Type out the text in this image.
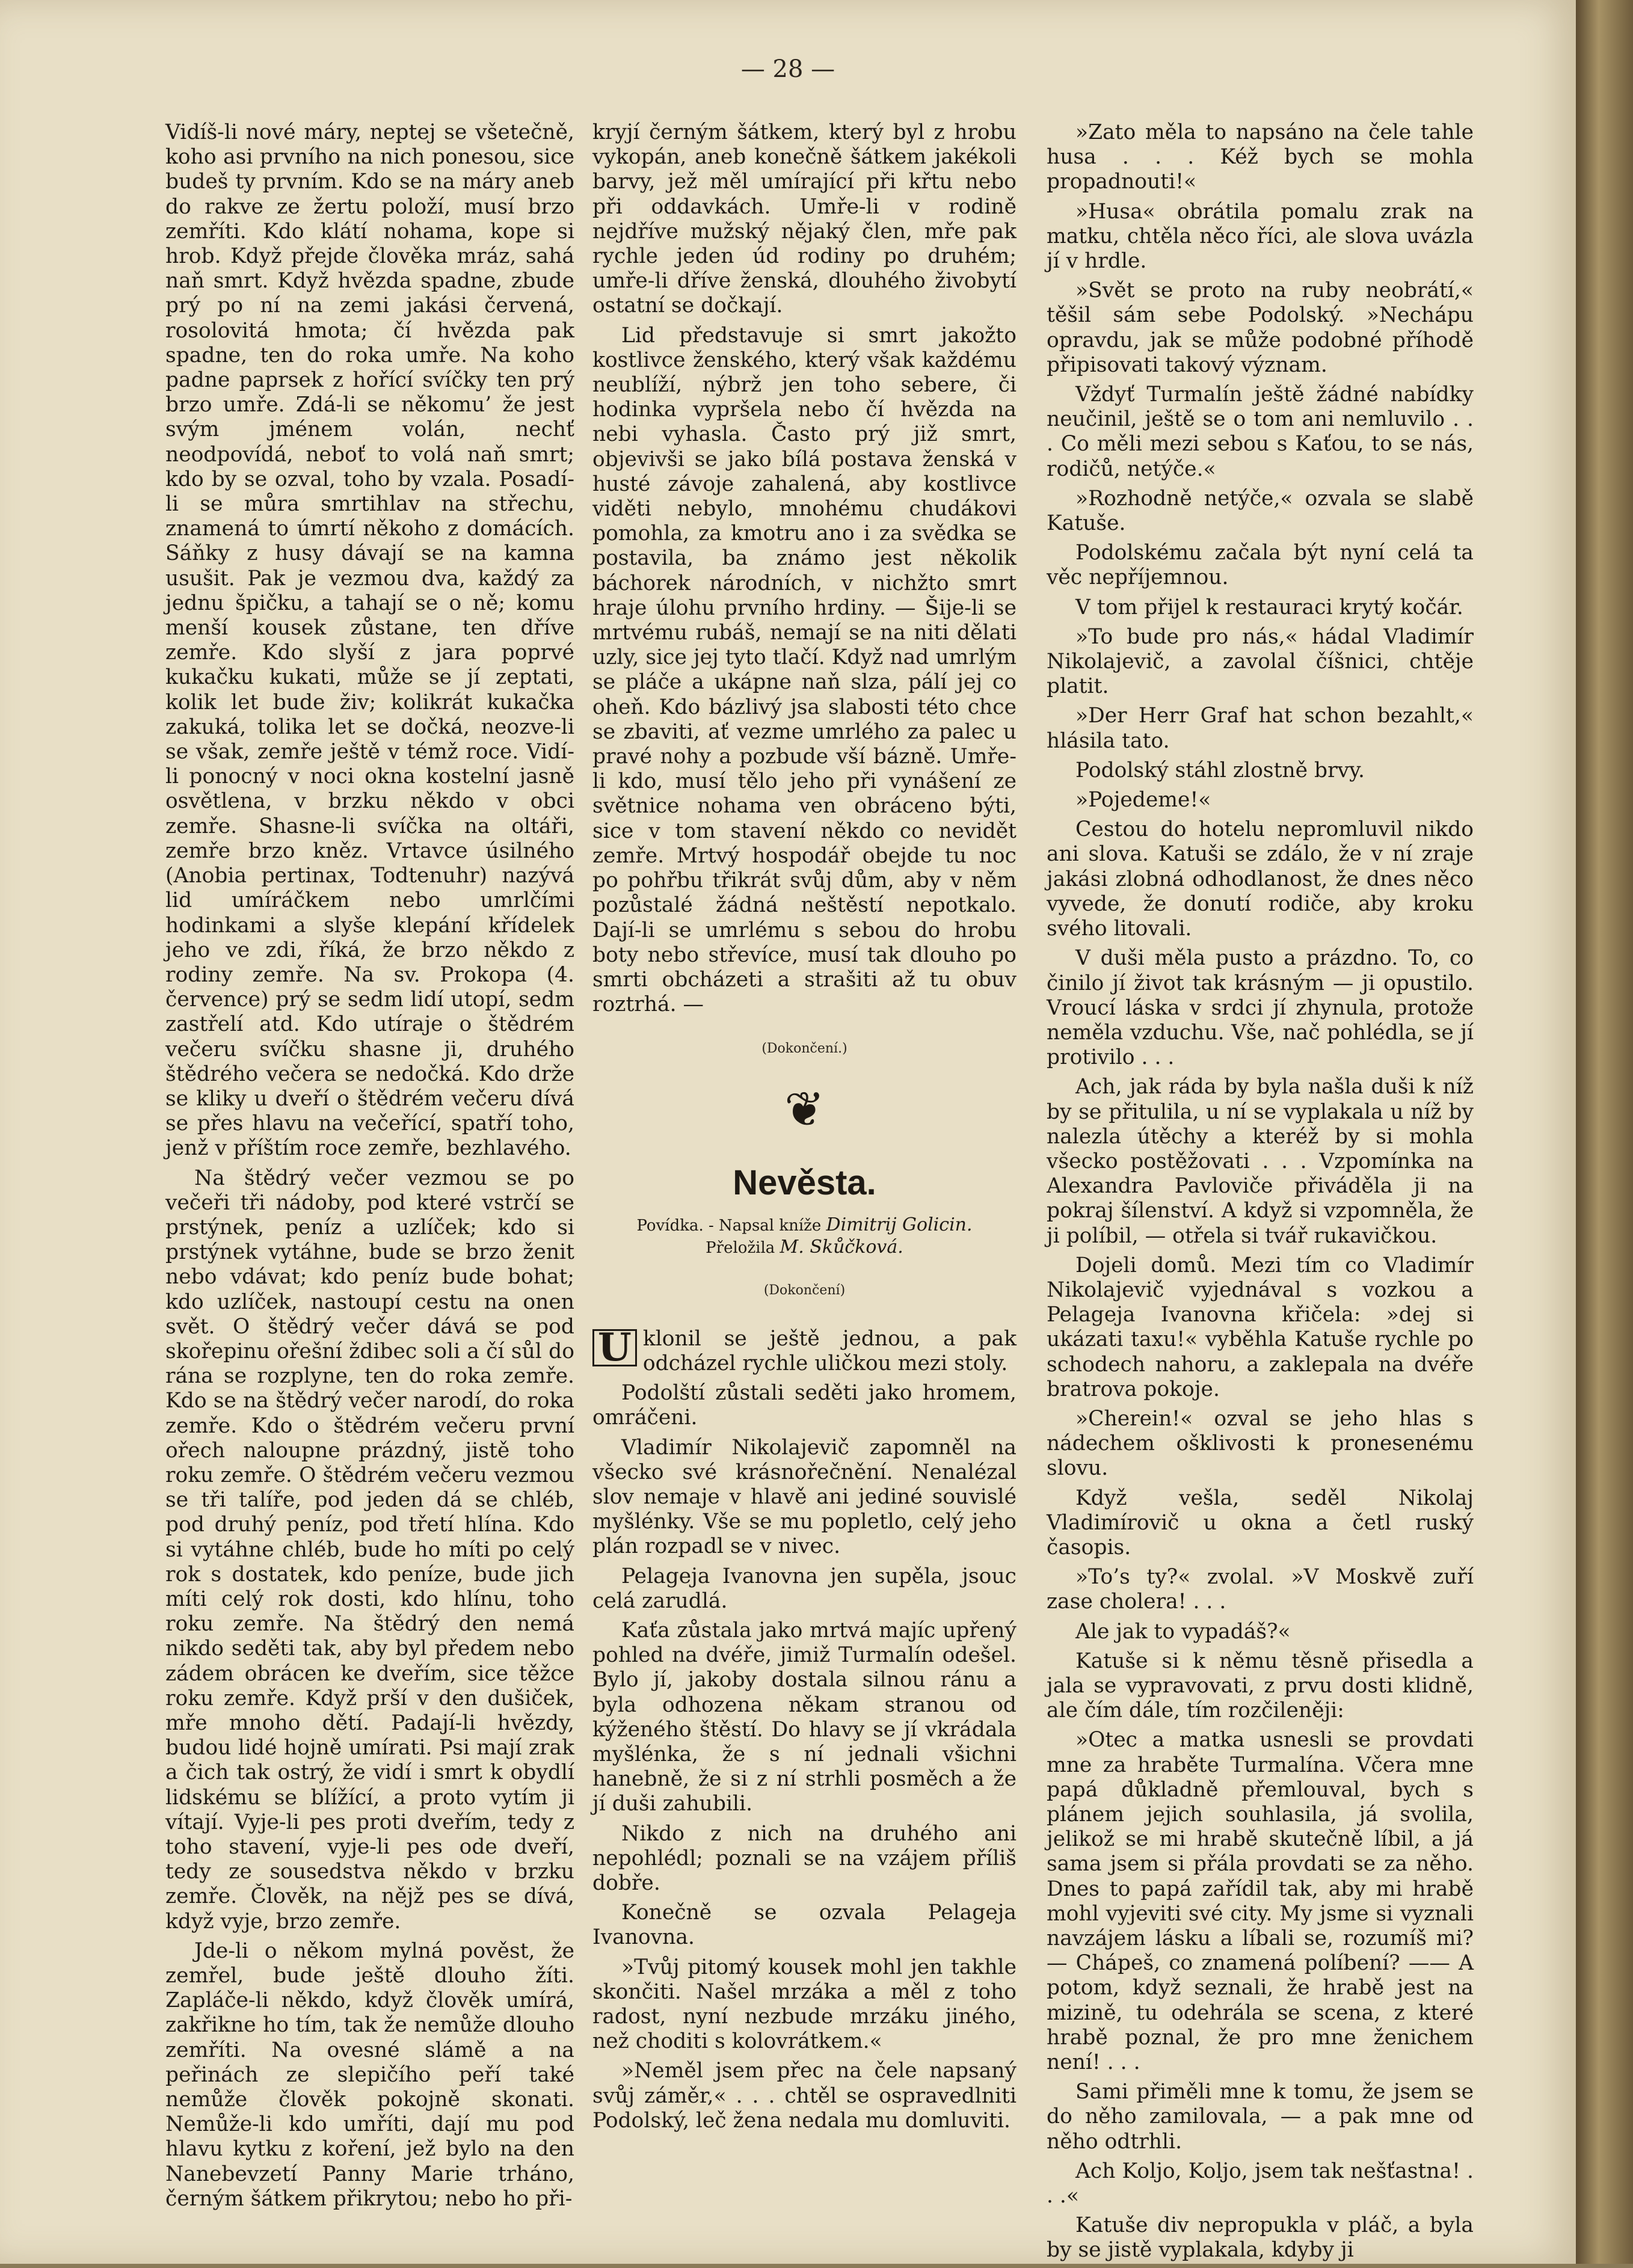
— 28 —

Vidíš-li nové máry, neptej se všetečně, koho asi prvního na nich ponesou, sice budeš ty prvním. Kdo se na máry aneb do rakve ze žertu položí, musí brzo zemříti. Kdo klátí nohama, kope si hrob. Když přejde člověka mráz, sahá naň smrt. Když hvězda spadne, zbude prý po ní na zemi jakási červená, rosolovitá hmota; čí hvězda pak spadne, ten do roka umře. Na koho padne paprsek z hořící svíčky ten prý brzo umře. Zdá-li se někomu’ že jest svým jménem volán, nechť neodpovídá, neboť to volá naň smrt; kdo by se ozval, toho by vzala. Posadí-li se můra smrtihlav na střechu, znamená to úmrtí někoho z domácích. Sáňky z husy dávají se na kamna usušit. Pak je vezmou dva, každý za jednu špičku, a tahají se o ně; komu menší kousek zůstane, ten dříve zemře. Kdo slyší z jara poprvé kukačku kukati, může se jí zeptati, kolik let bude živ; kolikrát kukačka zakuká, tolika let se dočká, neozve-li se však, zemře ještě v témž roce. Vidí-li ponocný v noci okna kostelní jasně osvětlena, v brzku někdo v obci zemře. Shasne-li svíčka na oltáři, zemře brzo kněz. Vrtavce úsilného (Anobia pertinax, Todtenuhr) nazývá lid umíráčkem nebo umrlčími hodinkami a slyše klepání křídelek jeho ve zdi, říká, že brzo někdo z rodiny zemře. Na sv. Prokopa (4. července) prý se sedm lidí utopí, sedm zastřelí atd. Kdo utíraje o štědrém večeru svíčku shasne ji, druhého štědrého večera se nedočká. Kdo drže se kliky u dveří o štědrém večeru dívá se přes hlavu na večeřící, spatří toho, jenž v příštím roce zemře, bezhlavého.

Na štědrý večer vezmou se po večeři tři nádoby, pod které vstrčí se prstýnek, peníz a uzlíček; kdo si prstýnek vytáhne, bude se brzo ženit nebo vdávat; kdo peníz bude bohat; kdo uzlíček, nastoupí cestu na onen svět. O štědrý večer dává se pod skořepinu ořešní ždibec soli a čí sůl do rána se rozplyne, ten do roka zemře. Kdo se na štědrý večer narodí, do roka zemře. Kdo o štědrém večeru první ořech naloupne prázdný, jistě toho roku zemře. O štědrém večeru vezmou se tři talíře, pod jeden dá se chléb, pod druhý peníz, pod třetí hlína. Kdo si vytáhne chléb, bude ho míti po celý rok s dostatek, kdo peníze, bude jich míti celý rok dosti, kdo hlínu, toho roku zemře. Na štědrý den nemá nikdo seděti tak, aby byl předem nebo zádem obrácen ke dveřím, sice těžce roku zemře. Když prší v den dušiček, mře mnoho dětí. Padají-li hvězdy, budou lidé hojně umírati. Psi mají zrak a čich tak ostrý, že vidí i smrt k obydlí lidskému se blížící, a proto vytím ji vítají. Vyje-li pes proti dveřím, tedy z toho stavení, vyje-li pes ode dveří, tedy ze sousedstva někdo v brzku zemře. Člověk, na nějž pes se dívá, když vyje, brzo zemře.

Jde-li o někom mylná pověst, že zemřel, bude ještě dlouho žíti. Zapláče-li někdo, když člověk umírá, zakřikne ho tím, tak že nemůže dlouho zemříti. Na ovesné slámě a na peřinách ze slepičího peří také nemůže člověk pokojně skonati. Nemůže-li kdo umříti, dají mu pod hlavu kytku z koření, jež bylo na den Nanebevzetí Panny Marie trháno, černým šátkem přikrytou; nebo ho při-

kryjí černým šátkem, který byl z hrobu vykopán, aneb konečně šátkem jakékoli barvy, jež měl umírající při křtu nebo při oddavkách. Umře-li v rodině nejdříve mužský nějaký člen, mře pak rychle jeden úd rodiny po druhém; umře-li dříve ženská, dlouhého živobytí ostatní se dočkají.

Lid představuje si smrt jakožto kostlivce ženského, který však každému neublíží, nýbrž jen toho sebere, či hodinka vypršela nebo čí hvězda na nebi vyhasla. Často prý již smrt, objevivši se jako bílá postava ženská v husté závoje zahalená, aby kostlivce viděti nebylo, mnohému chudákovi pomohla, za kmotru ano i za svědka se postavila, ba známo jest několik báchorek národních, v nichžto smrt hraje úlohu prvního hrdiny. — Šije-li se mrtvému rubáš, nemají se na niti dělati uzly, sice jej tyto tlačí. Když nad umrlým se pláče a ukápne naň slza, pálí jej co oheň. Kdo bázlivý jsa slabosti této chce se zbaviti, ať vezme umrlého za palec u pravé nohy a pozbude vší bázně. Umře-li kdo, musí tělo jeho při vynášení ze světnice nohama ven obráceno býti, sice v tom stavení někdo co nevidět zemře. Mrtvý hospodář obejde tu noc po pohřbu třikrát svůj dům, aby v něm pozůstalé žádná neštěstí nepotkalo. Dají-li se umrlému s sebou do hrobu boty nebo střevíce, musí tak dlouho po smrti obcházeti a strašiti až tu obuv roztrhá. —

(Dokončení.)
❦
Nevěsta.

Povídka. - Napsal kníže Dimitrij Golicin.
Přeložila M. Skůčková.

(Dokončení)

U klonil se ještě jednou, a pak odcházel rychle uličkou mezi stoly.

Podolští zůstali seděti jako hromem, omráčeni.

Vladimír Nikolajevič zapomněl na všecko své krásnořečnění. Nenalézal slov nemaje v hlavě ani jediné souvislé myšlénky. Vše se mu popletlo, celý jeho plán rozpadl se v nivec.

Pelageja Ivanovna jen supěla, jsouc celá zarudlá.

Kaťa zůstala jako mrtvá majíc upřený pohled na dvéře, jimiž Turmalín odešel. Bylo jí, jakoby dostala silnou ránu a byla odhozena někam stranou od kýženého štěstí. Do hlavy se jí vkrádala myšlénka, že s ní jednali všichni hanebně, že si z ní strhli posměch a že jí duši zahubili.

Nikdo z nich na druhého ani nepohlédl; poznali se na vzájem příliš dobře.

Konečně se ozvala Pelageja Ivanovna.

»Tvůj pitomý kousek mohl jen takhle skončiti. Našel mrzáka a měl z toho radost, nyní nezbude mrzáku jiného, než choditi s kolovrátkem.«

»Neměl jsem přec na čele napsaný svůj záměr,« . . . chtěl se ospravedlniti Podolský, leč žena nedala mu domluviti.

»Zato měla to napsáno na čele tahle husa . . . Kéž bych se mohla propadnouti!«

»Husa« obrátila pomalu zrak na matku, chtěla něco říci, ale slova uvázla jí v hrdle.

»Svět se proto na ruby neobrátí,« těšil sám sebe Podolský. »Nechápu opravdu, jak se může podobné příhodě připisovati takový význam.

Vždyť Turmalín ještě žádné nabídky neučinil, ještě se o tom ani nemluvilo . . . Co měli mezi sebou s Kaťou, to se nás, rodičů, netýče.«

»Rozhodně netýče,« ozvala se slabě Katuše.

Podolskému začala být nyní celá ta věc nepříjemnou.

V tom přijel k restauraci krytý kočár.

»To bude pro nás,« hádal Vladimír Nikolajevič, a zavolal číšnici, chtěje platit.

»Der Herr Graf hat schon bezahlt,« hlásila tato.

Podolský stáhl zlostně brvy.

»Pojedeme!«

Cestou do hotelu nepromluvil nikdo ani slova. Katuši se zdálo, že v ní zraje jakási zlobná odhodlanost, že dnes něco vyvede, že donutí rodiče, aby kroku svého litovali.

V duši měla pusto a prázdno. To, co činilo jí život tak krásným — ji opustilo. Vroucí láska v srdci jí zhynula, protože neměla vzduchu. Vše, nač pohlédla, se jí protivilo . . .

Ach, jak ráda by byla našla duši k níž by se přitulila, u ní se vyplakala u níž by nalezla útěchy a kteréž by si mohla všecko postěžovati . . . Vzpomínka na Alexandra Pavloviče přiváděla ji na pokraj šílenství. A když si vzpomněla, že ji políbil, — otřela si tvář rukavičkou.

Dojeli domů. Mezi tím co Vladimír Nikolajevič vyjednával s vozkou a Pelageja Ivanovna křičela: »dej si ukázati taxu!« vyběhla Katuše rychle po schodech nahoru, a zaklepala na dvéře bratrova pokoje.

»Cherein!« ozval se jeho hlas s nádechem ošklivosti k pronesenému slovu.

Když vešla, seděl Nikolaj Vladimírovič u okna a četl ruský časopis.

»To’s ty?« zvolal. »V Moskvě zuří zase cholera! . . .

Ale jak to vypadáš?«

Katuše si k němu těsně přisedla a jala se vypravovati, z prvu dosti klidně, ale čím dále, tím rozčileněji:

»Otec a matka usnesli se provdati mne za hraběte Turmalína. Včera mne papá důkladně přemlouval, bych s plánem jejich souhlasila, já svolila, jelikož se mi hrabě skutečně líbil, a já sama jsem si přála provdati se za něho. Dnes to papá zařídil tak, aby mi hrabě mohl vyjeviti své city. My jsme si vyznali navzájem lásku a líbali se, rozumíš mi? — Chápeš, co znamená políbení? —— A potom, když seznali, že hrabě jest na mizině, tu odehrála se scena, z které hrabě poznal, že pro mne ženichem není! . . .

Sami přiměli mne k tomu, že jsem se do něho zamilovala, — a pak mne od něho odtrhli.

Ach Koljo, Koljo, jsem tak nešťastna! . . .«

Katuše div nepropukla v pláč, a byla by se jistě vyplakala, kdyby ji
